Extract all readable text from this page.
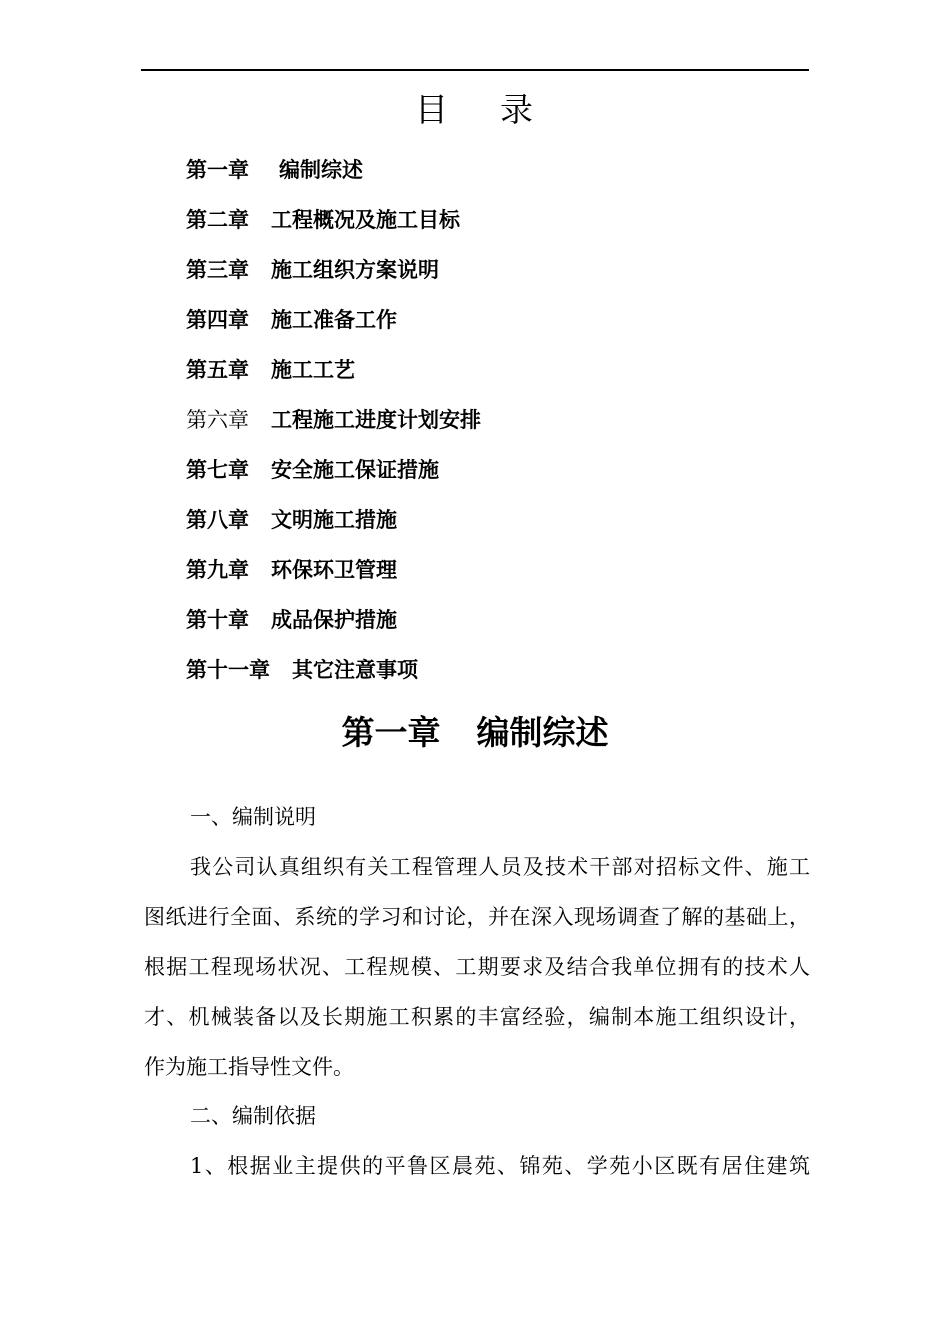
目 录
第一章 编制综述
第二章 工程概况及施工目标
第三章 施工组织方案说明
第四章 施工准备工作
第五章 施工工艺
第六章 工程施工进度计划安排
第七章 安全施工保证措施
第八章 文明施工措施
第九章 环保环卫管理
第十章 成品保护措施
第十一章 其它注意事项
第一章 编制综述
一、编制说明
我公司认真组织有关工程管理人员及技术干部对招标文件、施工
图纸进行全面、系统的学习和讨论，并在深入现场调查了解的基础上，
根据工程现场状况、工程规模、工期要求及结合我单位拥有的技术人
才、机械装备以及长期施工积累的丰富经验，编制本施工组织设计，
作为施工指导性文件。
二、编制依据
1、根据业主提供的平鲁区晨苑、锦苑、学苑小区既有居住建筑
